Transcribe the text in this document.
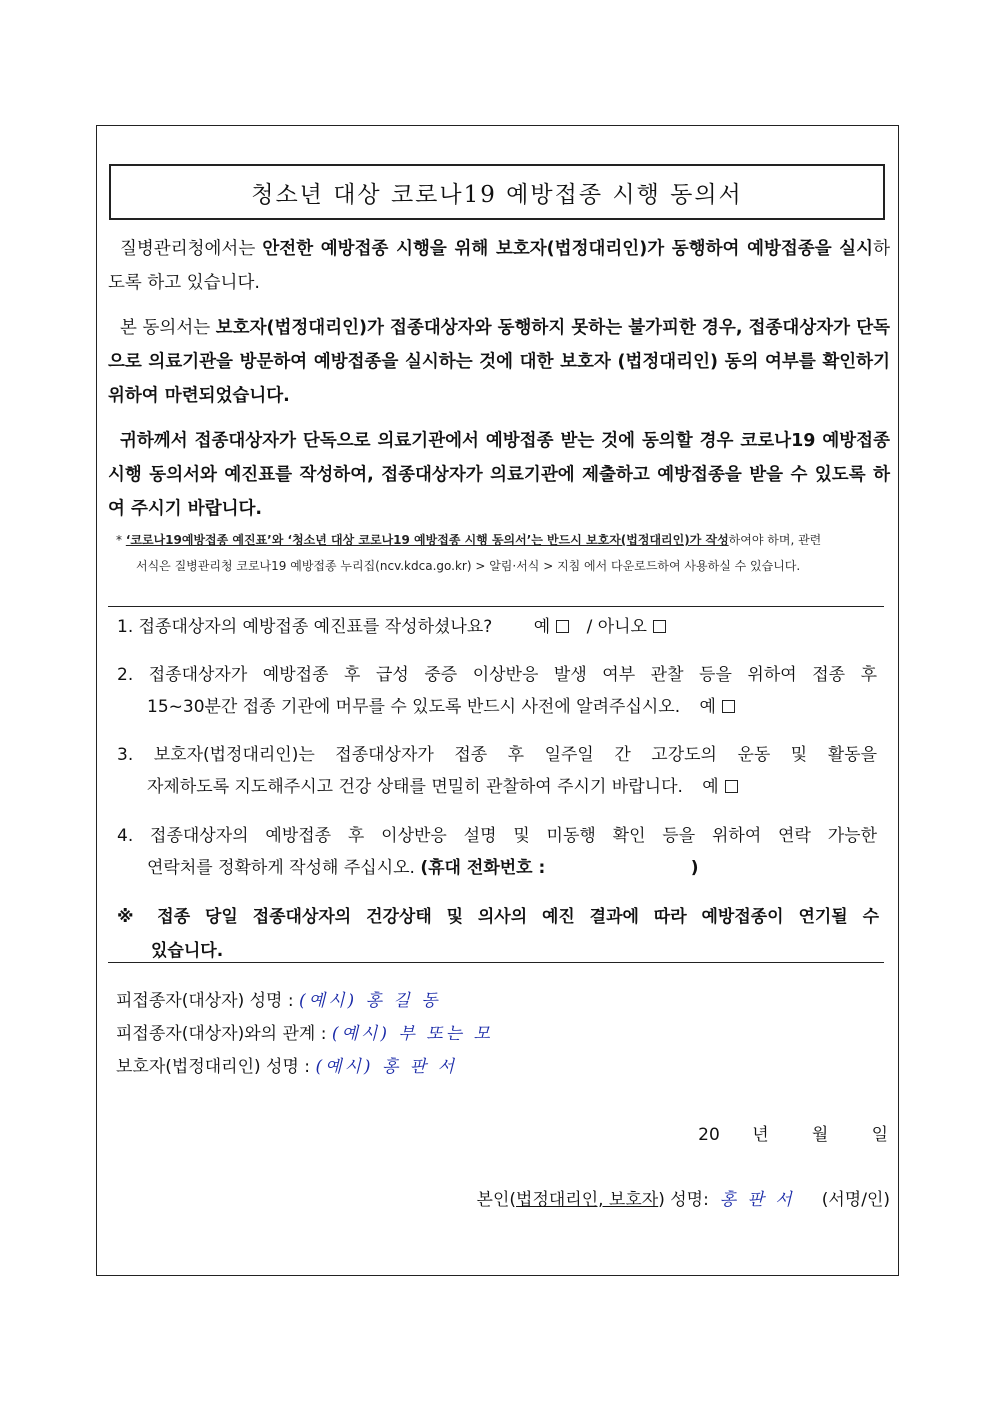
청소년 대상 코로나19 예방접종 시행 동의서
질병관리청에서는 안전한 예방접종 시행을 위해 보호자(법정대리인)가 동행하여 예방접종을 실시하도록 하고 있습니다.
본 동의서는 보호자(법정대리인)가 접종대상자와 동행하지 못하는 불가피한 경우, 접종대상자가 단독으로 의료기관을 방문하여 예방접종을 실시하는 것에 대한 보호자 (법정대리인) 동의 여부를 확인하기 위하여 마련되었습니다.
귀하께서 접종대상자가 단독으로 의료기관에서 예방접종 받는 것에 동의할 경우 코로나19 예방접종 시행 동의서와 예진표를 작성하여, 접종대상자가 의료기관에 제출하고 예방접종을 받을 수 있도록 하여 주시기 바랍니다.
* ‘코로나19예방접종 예진표’와 ‘청소년 대상 코로나19 예방접종 시행 동의서’는 반드시 보호자(법정대리인)가 작성하여야 하며, 관련
서식은 질병관리청 코로나19 예방접종 누리집(ncv.kdca.go.kr) > 알림·서식 > 지침 에서 다운로드하여 사용하실 수 있습니다.
1. 접종대상자의 예방접종 예진표를 작성하셨나요? 예 / 아니오
2. 접종대상자가 예방접종 후 급성 중증 이상반응 발생 여부 관찰 등을 위하여 접종 후
15~30분간 접종 기관에 머무를 수 있도록 반드시 사전에 알려주십시오. 예
3. 보호자(법정대리인)는 접종대상자가 접종 후 일주일 간 고강도의 운동 및 활동을
자제하도록 지도해주시고 건강 상태를 면밀히 관찰하여 주시기 바랍니다. 예
4. 접종대상자의 예방접종 후 이상반응 설명 및 미동행 확인 등을 위하여 연락 가능한
연락처를 정확하게 작성해 주십시오. (휴대 전화번호 :	)
※ 접종 당일 접종대상자의 건강상태 및 의사의 예진 결과에 따라 예방접종이 연기될 수
있습니다.
피접종자(대상자) 성명 : (예시) 홍 길 동
피접종자(대상자)와의 관계 : (예시) 부 또는 모
보호자(법정대리인) 성명 : (예시) 홍 판 서
20 년	월	일
본인(법정대리인, 보호자) 성명: 홍 판 서 (서명/인)
